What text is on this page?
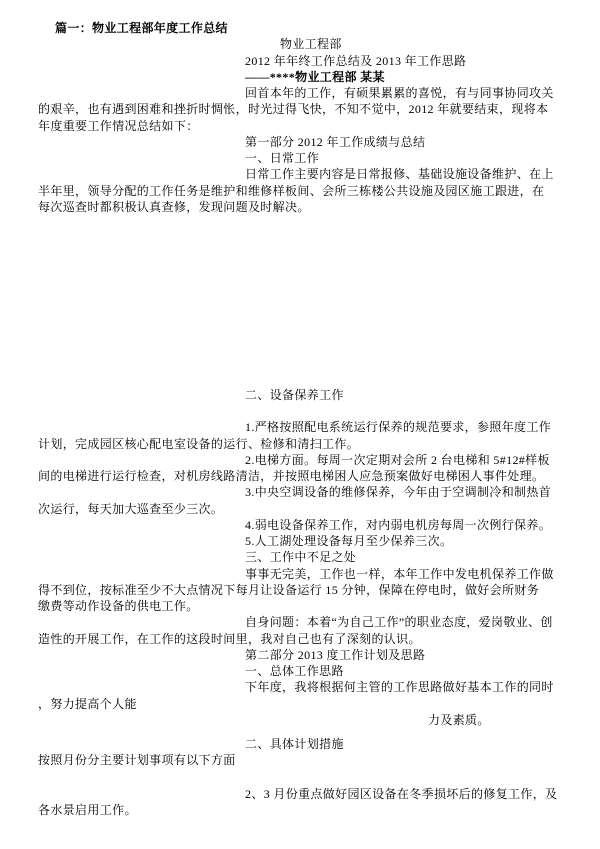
篇一：物业工程部年度工作总结
物业工程部
2012 年年终工作总结及 2013 年工作思路
——****物业工程部 某某
回首本年的工作，有硕果累累的喜悦，有与同事协同攻关
的艰辛，也有遇到困难和挫折时惆怅，时光过得飞快，不知不觉中，2012 年就要结束，现将本
年度重要工作情况总结如下：
第一部分 2012 年工作成绩与总结
一、日常工作
日常工作主要内容是日常报修、基础设施设备维护、在上
半年里，领导分配的工作任务是维护和维修样板间、会所三栋楼公共设施及园区施工跟进，在
每次巡查时都积极认真查修，发现问题及时解决。
二、设备保养工作
1.严格按照配电系统运行保养的规范要求，参照年度工作
计划，完成园区核心配电室设备的运行、检修和清扫工作。
2.电梯方面。每周一次定期对会所 2 台电梯和 5#12#样板
间的电梯进行运行检查，对机房线路清洁，并按照电梯困人应急预案做好电梯困人事件处理。
3.中央空调设备的维修保养，今年由于空调制冷和制热首
次运行，每天加大巡查至少三次。
4.弱电设备保养工作，对内弱电机房每周一次例行保养。
5.人工湖处理设备每月至少保养三次。
三、工作中不足之处
事事无完美，工作也一样，本年工作中发电机保养工作做
得不到位，按标准至少不大点情况下每月让设备运行 15 分钟，保障在停电时，做好会所财务
缴费等动作设备的供电工作。
自身问题：本着“为自己工作”的职业态度，爱岗敬业、创
造性的开展工作，在工作的这段时间里，我对自己也有了深刻的认识。
第二部分 2013 度工作计划及思路
一、总体工作思路
下年度，我将根据何主管的工作思路做好基本工作的同时
，努力提高个人能
力及素质。
二、具体计划措施
按照月份分主要计划事项有以下方面
2、3 月份重点做好园区设备在冬季损坏后的修复工作，及
各水景启用工作。
